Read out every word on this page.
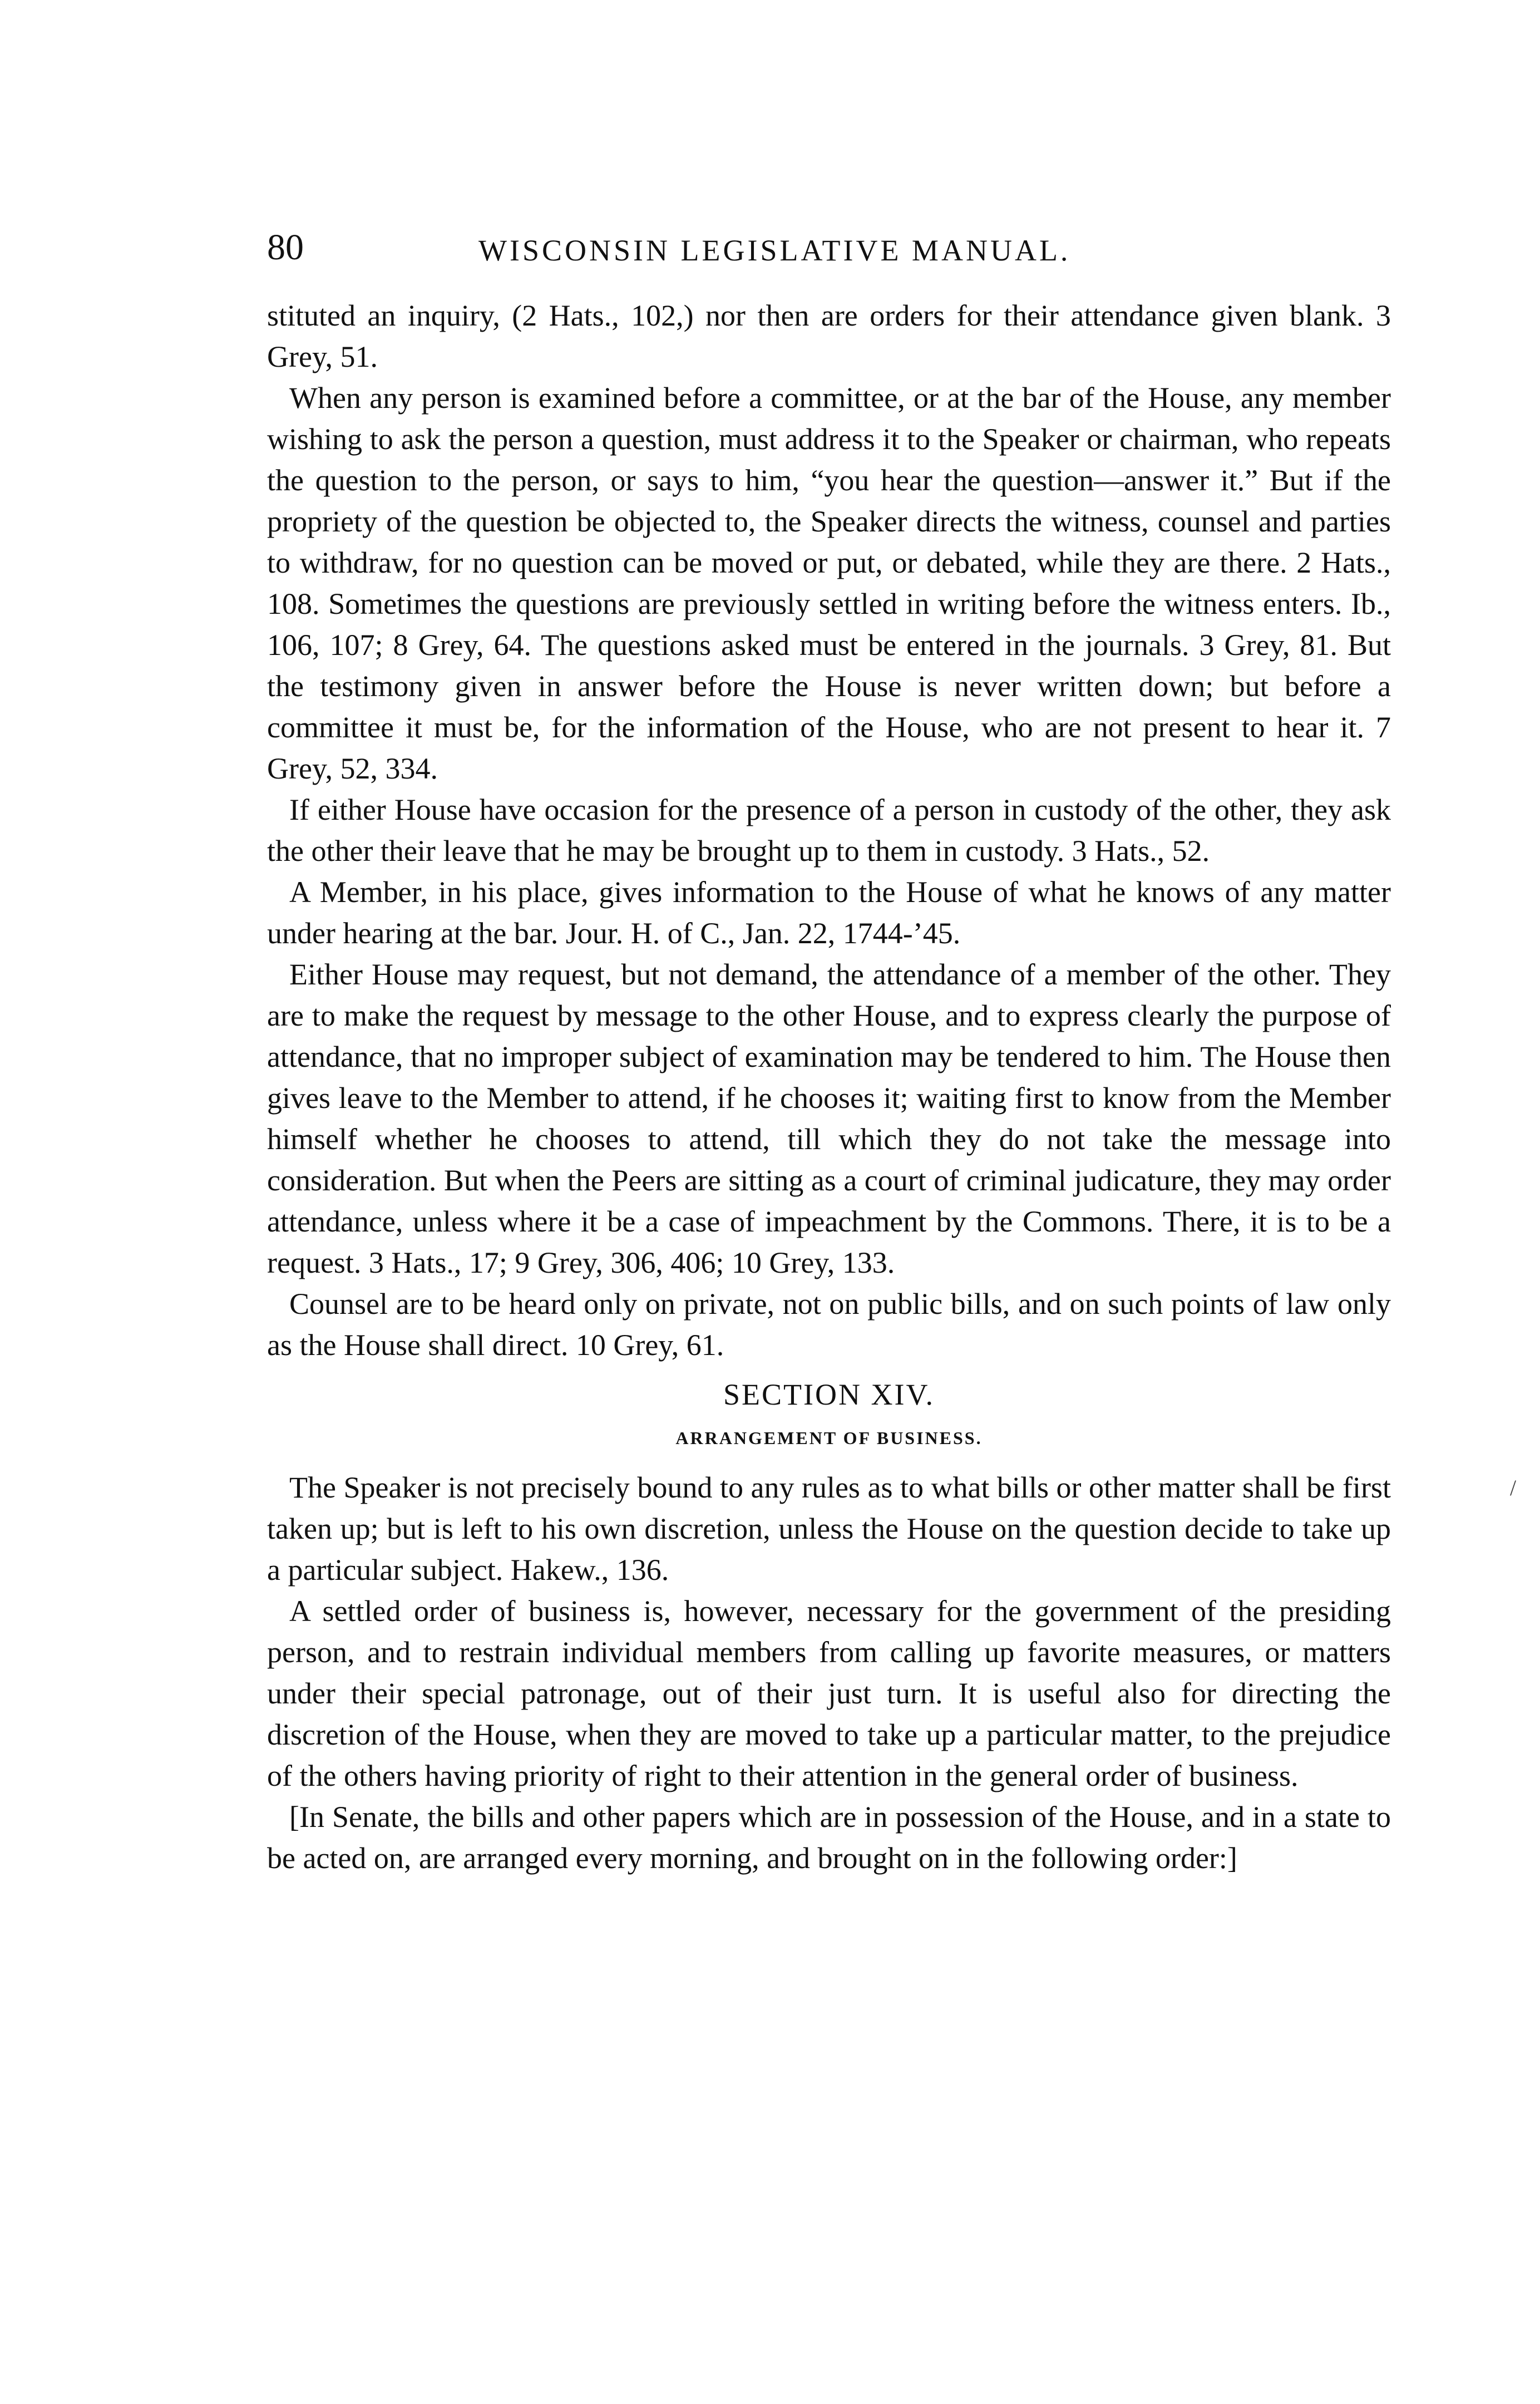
80	WISCONSIN LEGISLATIVE MANUAL.

stituted an inquiry, (2 Hats., 102,) nor then are orders for their attendance given blank. 3 Grey, 51.

When any person is examined before a committee, or at the bar of the House, any member wishing to ask the person a question, must address it to the Speaker or chairman, who repeats the question to the person, or says to him, “you hear the question—answer it.” But if the propriety of the question be objected to, the Speaker directs the witness, counsel and parties to withdraw, for no question can be moved or put, or debated, while they are there. 2 Hats., 108. Sometimes the questions are previously settled in writing before the witness enters. Ib., 106, 107; 8 Grey, 64. The questions asked must be entered in the journals. 3 Grey, 81. But the testimony given in answer before the House is never written down; but before a committee it must be, for the information of the House, who are not present to hear it. 7 Grey, 52, 334.

If either House have occasion for the presence of a person in custody of the other, they ask the other their leave that he may be brought up to them in custody. 3 Hats., 52.

A Member, in his place, gives information to the House of what he knows of any matter under hearing at the bar. Jour. H. of C., Jan. 22, 1744-’45.

Either House may request, but not demand, the attendance of a member of the other. They are to make the request by message to the other House, and to express clearly the purpose of attendance, that no improper subject of examination may be tendered to him. The House then gives leave to the Member to attend, if he chooses it; waiting first to know from the Member himself whether he chooses to attend, till which they do not take the message into consideration. But when the Peers are sitting as a court of criminal judicature, they may order attendance, unless where it be a case of impeachment by the Commons. There, it is to be a request. 3 Hats., 17; 9 Grey, 306, 406; 10 Grey, 133.

Counsel are to be heard only on private, not on public bills, and on such points of law only as the House shall direct. 10 Grey, 61.

SECTION XIV.
ARRANGEMENT OF BUSINESS.

The Speaker is not precisely bound to any rules as to what bills or other matter shall be first taken up; but is left to his own discretion, unless the House on the question decide to take up a particular subject. Hakew., 136.

A settled order of business is, however, necessary for the government of the presiding person, and to restrain individual members from calling up favorite measures, or matters under their special patronage, out of their just turn. It is useful also for directing the discretion of the House, when they are moved to take up a particular matter, to the prejudice of the others having priority of right to their attention in the general order of business.

[In Senate, the bills and other papers which are in possession of the House, and in a state to be acted on, are arranged every morning, and brought on in the following order:]

/
